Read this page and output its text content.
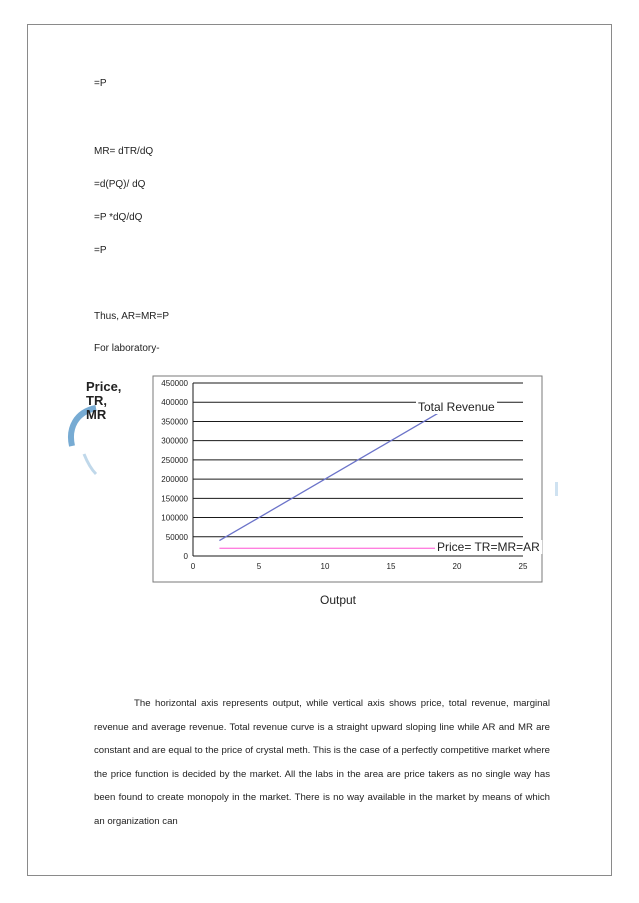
=P
MR= dTR/dQ
=d(PQ)/ dQ
=P *dQ/dQ
=P
Thus, AR=MR=P
For laboratory-
Price,
TR,
MR
0
50000
100000
150000
200000
250000
300000
350000
400000
450000
0	5	10	15	20	25
Total Revenue
Price= TR=MR=AR
Output

The horizontal axis represents output, while vertical axis shows price, total revenue, marginal revenue and average revenue. Total revenue curve is a straight upward sloping line while AR and MR are constant and are equal to the price of crystal meth. This is the case of a perfectly competitive market where the price function is decided by the market. All the labs in the area are price takers as no single way has been found to create monopoly in the market. There is no way available in the market by means of which an organization can
